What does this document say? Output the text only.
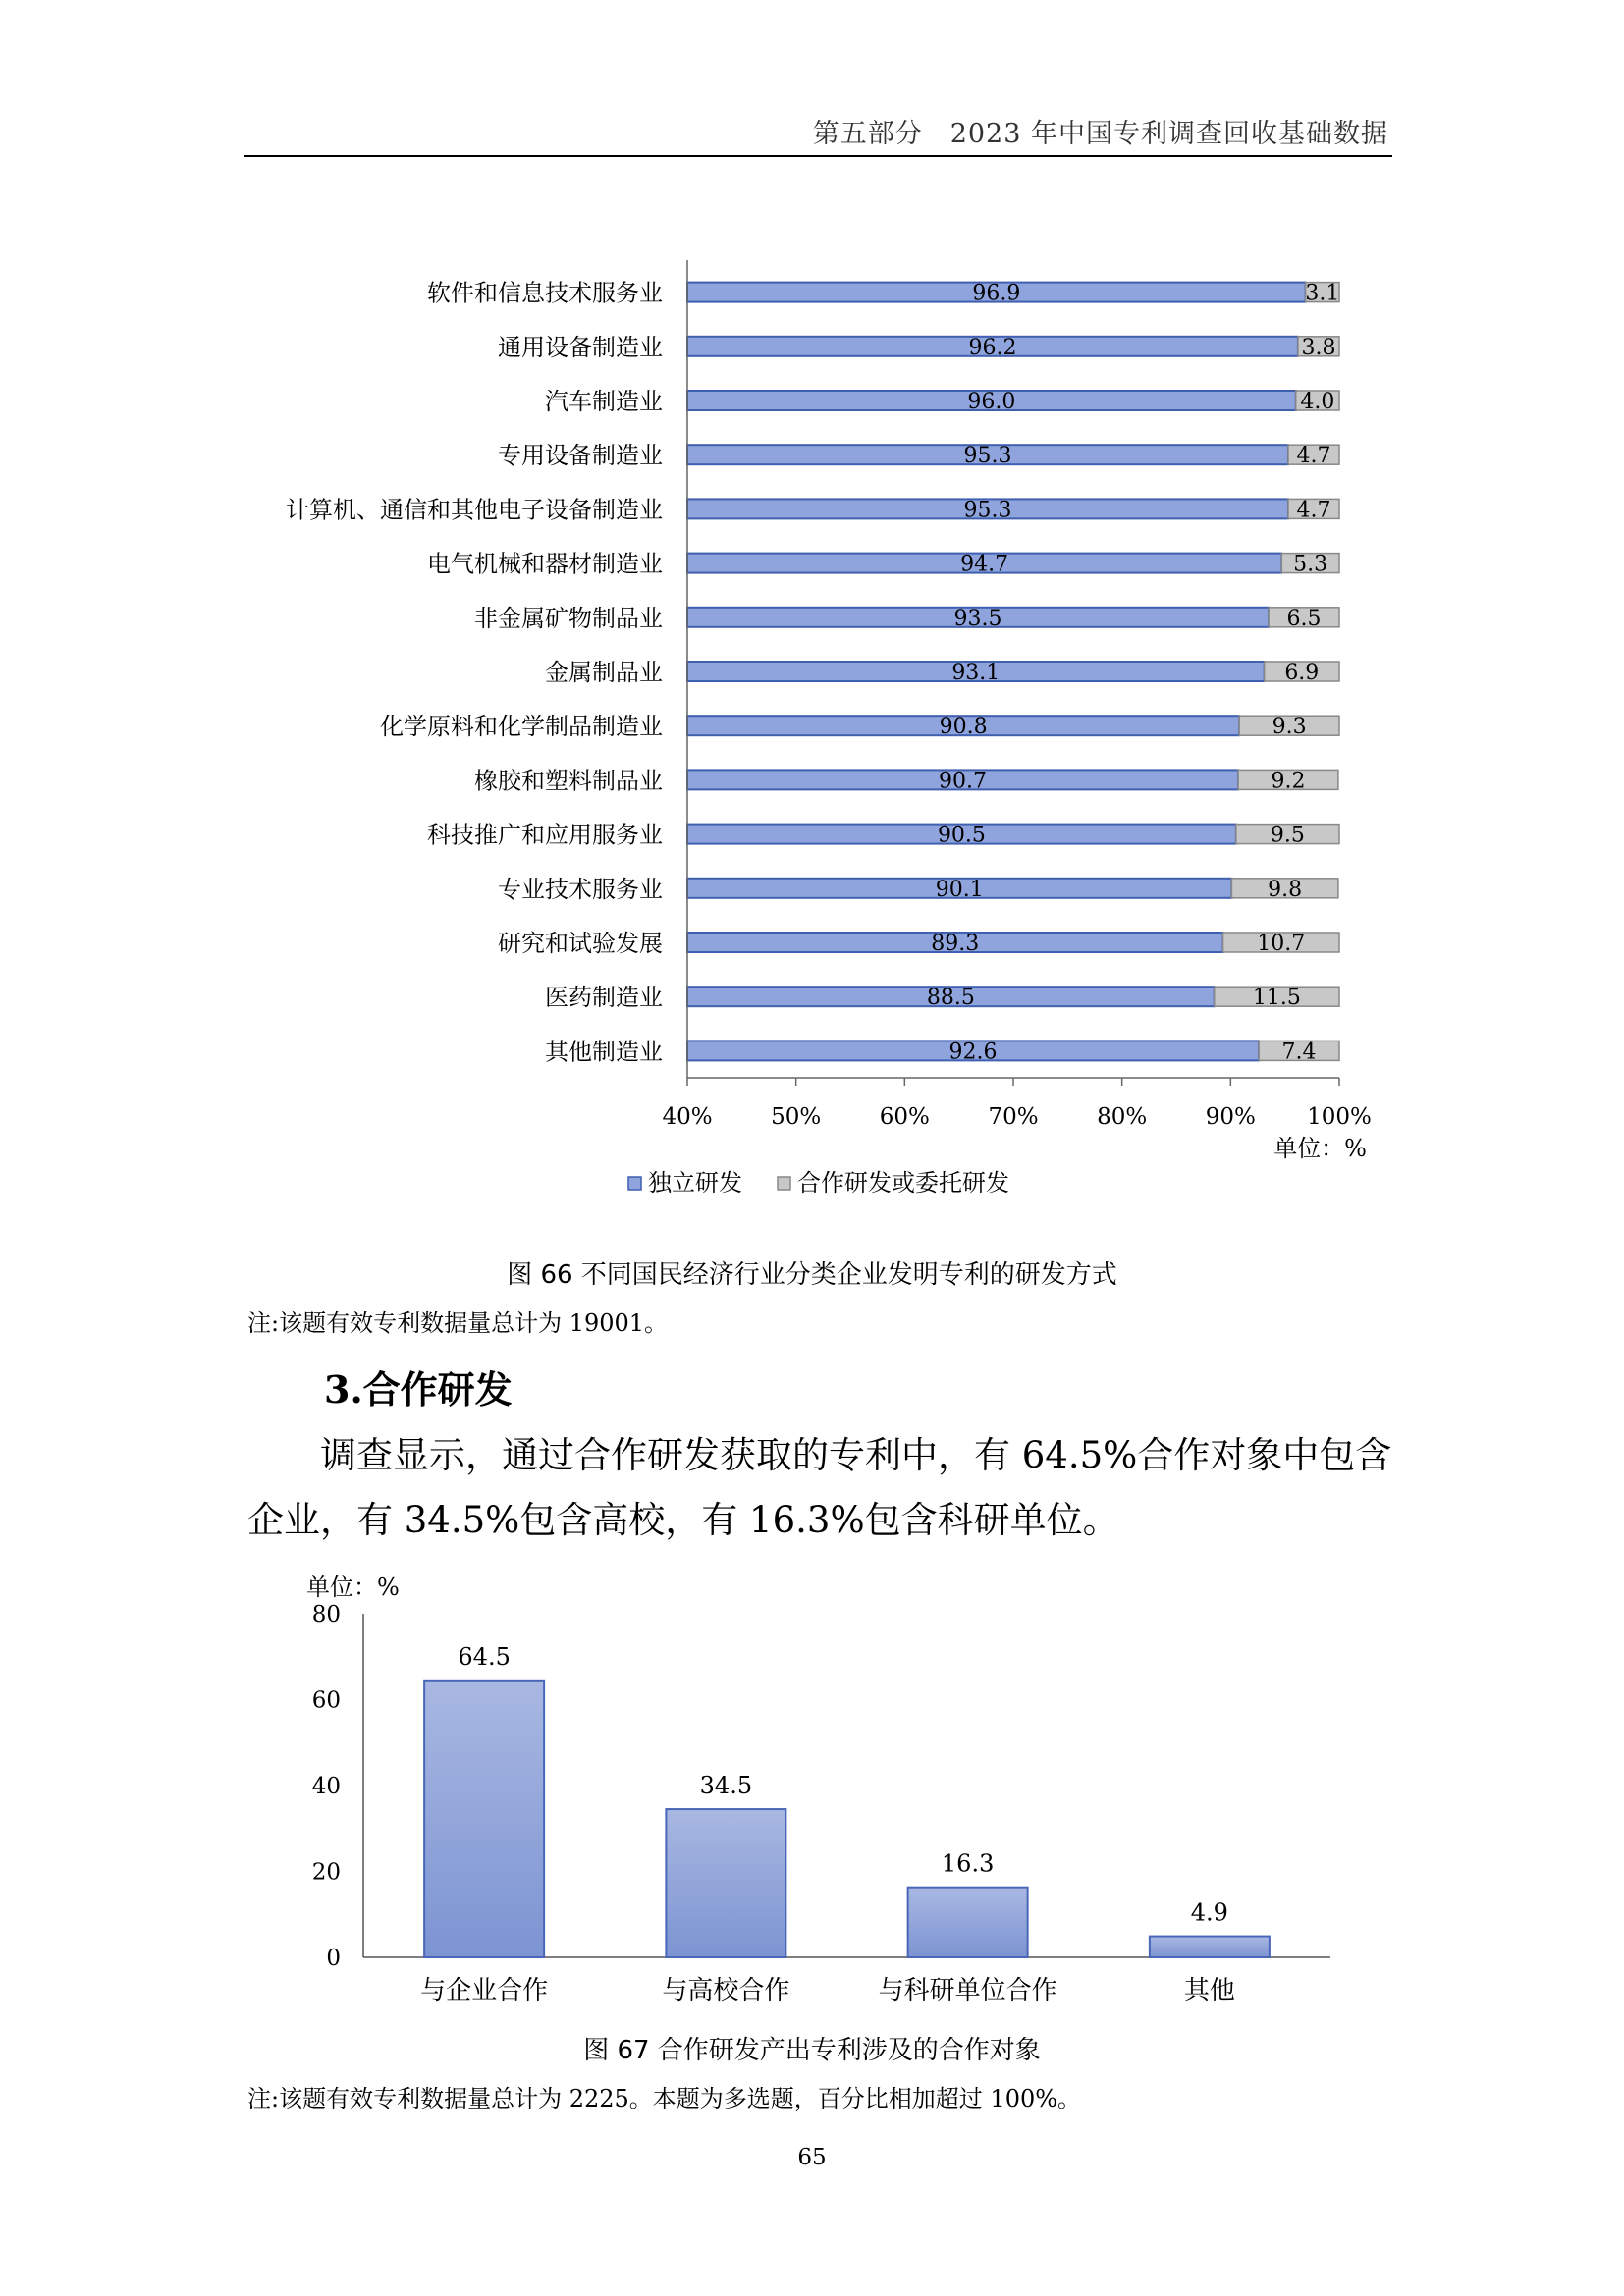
第五部分　2023 年中国专利调查回收基础数据
软件和信息技术服务业	96.9	3.1
通用设备制造业	96.2	3.8
汽车制造业	96.0	4.0
专用设备制造业	95.3	4.7
计算机、通信和其他电子设备制造业	95.3	4.7
电气机械和器材制造业	94.7	5.3
非金属矿物制品业	93.5	6.5
金属制品业	93.1	6.9
化学原料和化学制品制造业	90.8	9.3
橡胶和塑料制品业	90.7	9.2
科技推广和应用服务业	90.5	9.5
专业技术服务业	90.1	9.8
研究和试验发展	89.3	10.7
医药制造业	88.5	11.5
其他制造业	92.6	7.4
40%	50%	60%	70%	80%	90% 100%
单位：%
独立研发 合作研发或委托研发
单位：%
0
20
40
60
80
64.5
与企业合作
34.5
与高校合作
16.3
与科研单位合作
4.9
其他
图 66 不同国民经济行业分类企业发明专利的研发方式
注:该题有效专利数据量总计为 19001。
3.合作研发
调查显示，通过合作研发获取的专利中，有 64.5%合作对象中包含企业，有 34.5%包含高校，有 16.3%包含科研单位。
图 67 合作研发产出专利涉及的合作对象
注:该题有效专利数据量总计为 2225。本题为多选题，百分比相加超过 100%。
65
